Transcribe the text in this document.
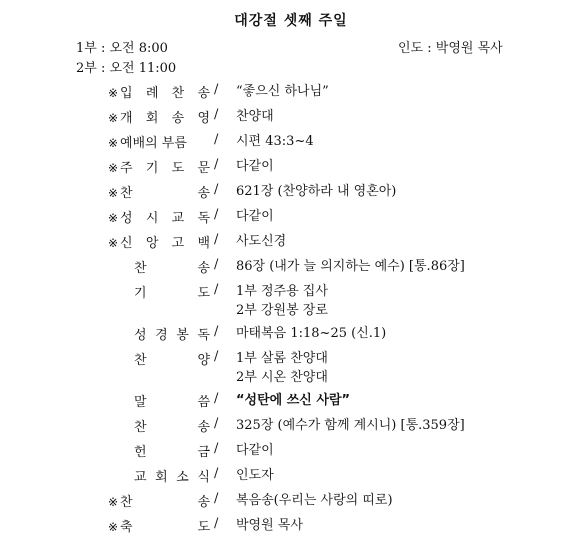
대강절 셋째 주일
1부 : 오전 8:00
2부 : 오전 11:00
인도 : 박영원 목사
※ 입 례 찬 송 / “좋으신 하나님”
※ 개 회 송 영 / 찬양대
※ 예배의 부름 / 시편 43:3~4
※ 주 기 도 문 / 다같이
※ 찬	송 / 621장 (찬양하라 내 영혼아)
※ 성 시 교 독 / 다같이
※ 신 앙 고 백 / 사도신경
찬	송 / 86장 (내가 늘 의지하는 예수) [통.86장]
기	도 / 1부 정주용 집사
2부 강원봉 장로
성 경 봉 독 / 마태복음 1:18~25 (신.1)
찬	양 / 1부 살롬 찬양대
2부 시온 찬양대
말	씀 / “성탄에 쓰신 사람”
찬	송 / 325장 (예수가 함께 계시니) [통.359장]
헌	금 / 다같이
교 회 소 식 / 인도자
※ 찬	송 / 복음송(우리는 사랑의 띠로)
※ 축	도 / 박영원 목사
